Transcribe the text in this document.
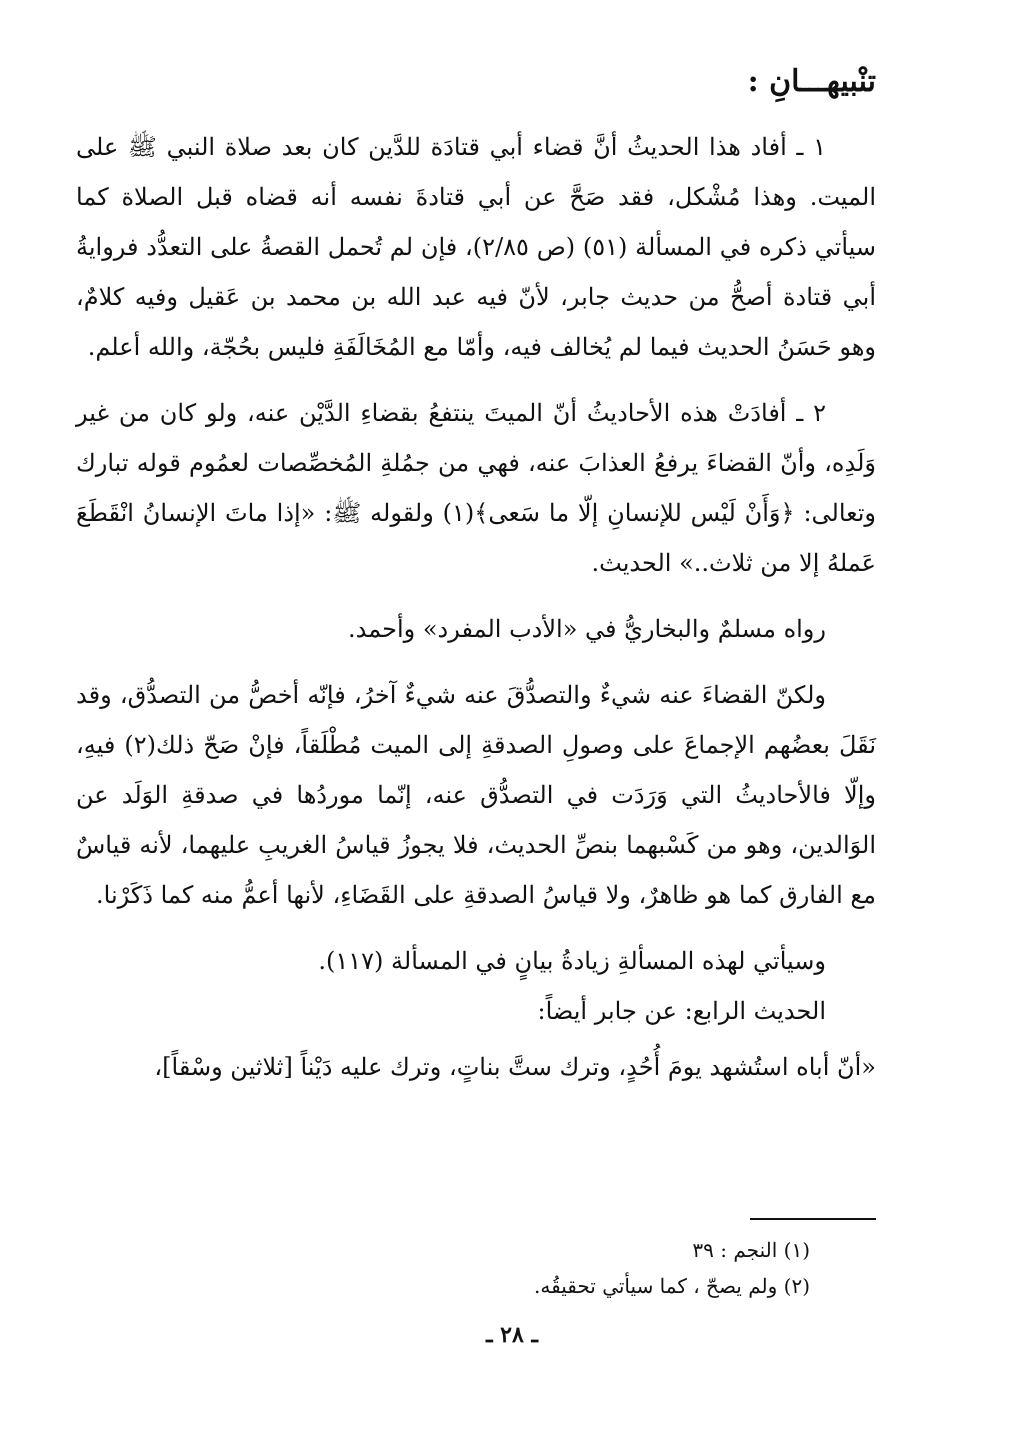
تنْبيهـــانِ :

١ ـ أفاد هذا الحديثُ أنَّ قضاء أبي قتادَة للدَّين كان بعد صلاة النبي ﷺ على الميت. وهذا مُشْكل، فقد صَحَّ عن أبي قتادةَ نفسه أنه قضاه قبل الصلاة كما سيأتي ذكره في المسألة (٥١) (ص ٢/٨٥)، فإن لم تُحمل القصةُ على التعدُّد فروايةُ أبي قتادة أصحُّ من حديث جابر، لأنّ فيه عبد الله بن محمد بن عَقيل وفيه كلامٌ، وهو حَسَنُ الحديث فيما لم يُخالف فيه، وأمّا مع المُخَالَفَةِ فليس بحُجّة، والله أعلم.

٢ ـ أفادَتْ هذه الأحاديثُ أنّ الميتَ ينتفعُ بقضاءِ الدَّيْن عنه، ولو كان من غير وَلَدِه، وأنّ القضاءَ يرفعُ العذابَ عنه، فهي من جمُلةِ المُخصِّصات لعمُوم قوله تبارك وتعالى: ﴿وَأَنْ لَيْس للإنسانِ إلّا ما سَعى﴾(١) ولقوله ﷺ: «إذا ماتَ الإنسانُ انْقَطَعَ عَملهُ إلا من ثلاث..» الحديث.

رواه مسلمٌ والبخاريُّ في «الأدب المفرد» وأحمد.

ولكنّ القضاءَ عنه شيءٌ والتصدُّقَ عنه شيءٌ آخرُ، فإنّه أخصُّ من التصدُّق، وقد نَقَلَ بعضُهم الإجماعَ على وصولِ الصدقةِ إلى الميت مُطْلَقاً، فإنْ صَحّ ذلك(٢) فيهِ، وإلّا فالأحاديثُ التي وَرَدَت في التصدُّق عنه، إنّما موردُها في صدقةِ الوَلَد عن الوَالدين، وهو من كَسْبهما بنصِّ الحديث، فلا يجوزُ قياسُ الغريبِ عليهما، لأنه قياسٌ مع الفارق كما هو ظاهرٌ، ولا قياسُ الصدقةِ على القَضَاءِ، لأنها أعمُّ منه كما ذَكَرْنا.

وسيأتي لهذه المسألةِ زيادةُ بيانٍ في المسألة (١١٧).

الحديث الرابع: عن جابر أيضاً:

«أنّ أباه استُشهد يومَ أُحُدٍ، وترك ستَّ بناتٍ، وترك عليه دَيْناً [ثلاثين وسْقاً]،

(١) النجم : ٣٩

(٢) ولم يصحّ ، كما سيأتي تحقيقُه.

ـ ٢٨ ـ
